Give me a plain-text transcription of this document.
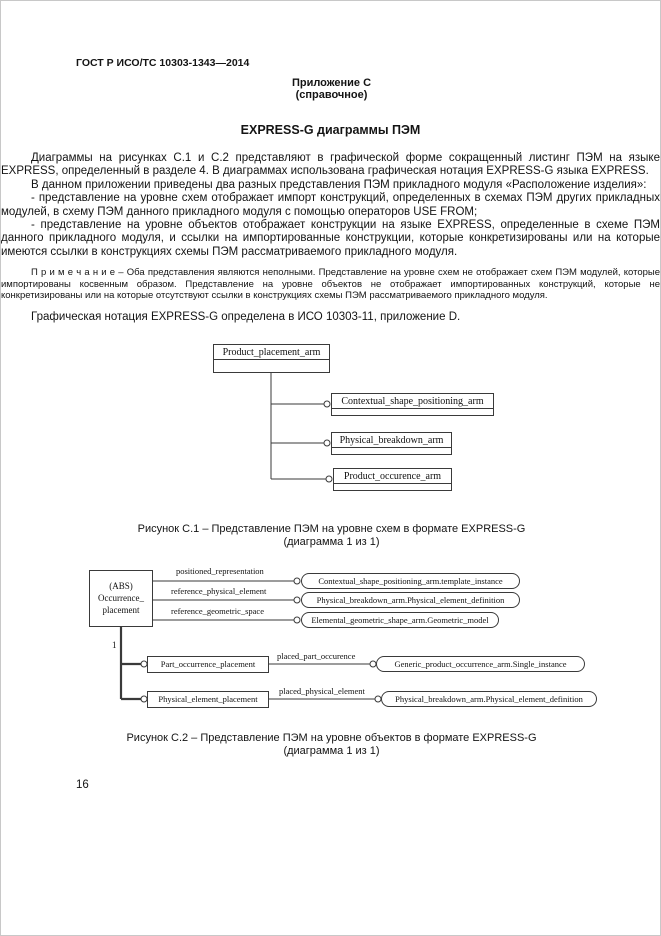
ГОСТ Р ИСО/ТС 10303-1343—2014
Приложение С
(справочное)
EXPRESS-G диаграммы ПЭМ

Диаграммы на рисунках С.1 и С.2 представляют в графической форме сокращенный листинг ПЭМ на языке EXPRESS, определенный в разделе 4. В диаграммах использована графическая нотация EXPRESS-G языка EXPRESS.

В данном приложении приведены два разных представления ПЭМ прикладного модуля «Расположение изделия»:

- представление на уровне схем отображает импорт конструкций, определенных в схемах ПЭМ других прикладных модулей, в схему ПЭМ данного прикладного модуля с помощью операторов USE FROM;

- представление на уровне объектов отображает конструкции на языке EXPRESS, определенные в схеме ПЭМ данного прикладного модуля, и ссылки на импортированные конструкции, которые конкретизированы или на которые имеются ссылки в конструкциях схемы ПЭМ рассматриваемого прикладного модуля.

П р и м е ч а н и е – Оба представления являются неполными. Представление на уровне схем не отображает схем ПЭМ модулей, которые импортированы косвенным образом. Представление на уровне объектов не отображает импортированных конструкций, которые не конкретизированы или на которые отсутствуют ссылки в конструкциях схемы ПЭМ рассматриваемого прикладного модуля.

Графическая нотация EXPRESS-G определена в ИСО 10303-11, приложение D.

Product_placement_arm
Contextual_shape_positioning_arm
Physical_breakdown_arm
Product_occurence_arm
Рисунок С.1 – Представление ПЭМ на уровне схем в формате EXPRESS-G
(диаграмма 1 из 1)
(ABS)
Occurrence_
placement
positioned_representation
Contextual_shape_positioning_arm.template_instance
reference_physical_element
Physical_breakdown_arm.Physical_element_definition
reference_geometric_space
Elemental_geometric_shape_arm.Geometric_model
1
Part_occurrence_placement
placed_part_occurence
Generic_product_occurrence_arm.Single_instance
Physical_element_placement
placed_physical_element
Physical_breakdown_arm.Physical_element_definition
Рисунок С.2 – Представление ПЭМ на уровне объектов в формате EXPRESS-G
(диаграмма 1 из 1)
16
